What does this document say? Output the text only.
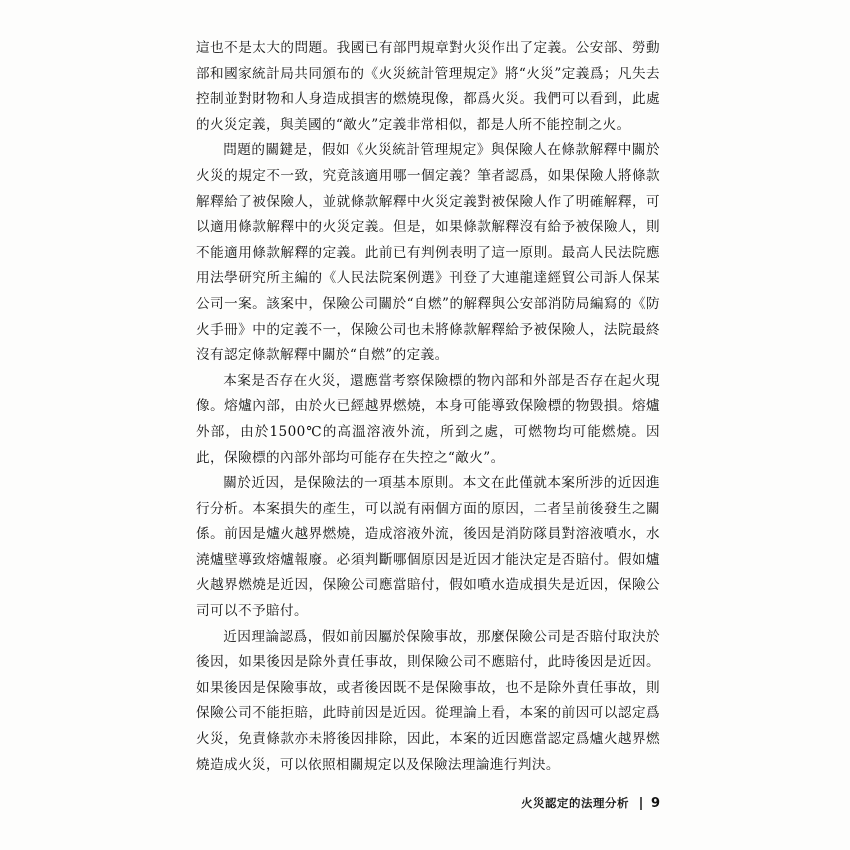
這也不是太大的問題。我國已有部門規章對火災作出了定義。公安部、勞動部和國家統計局共同頒布的《火災統計管理規定》將“火災”定義爲；凡失去控制並對財物和人身造成損害的燃燒現像，都爲火災。我們可以看到，此處的火災定義，與美國的“敵火”定義非常相似，都是人所不能控制之火。

問題的關鍵是，假如《火災統計管理規定》與保險人在條款解釋中關於火災的規定不一致，究竟該適用哪一個定義？筆者認爲，如果保險人將條款解釋給了被保險人，並就條款解釋中火災定義對被保險人作了明確解釋，可以適用條款解釋中的火災定義。但是，如果條款解釋沒有給予被保險人，則不能適用條款解釋的定義。此前已有判例表明了這一原則。最高人民法院應用法學研究所主編的《人民法院案例選》刊登了大連龍達經貿公司訴人保某公司一案。該案中，保險公司關於“自燃”的解釋與公安部消防局編寫的《防火手冊》中的定義不一，保險公司也未將條款解釋給予被保險人，法院最終沒有認定條款解釋中關於“自燃”的定義。

本案是否存在火災，還應當考察保險標的物內部和外部是否存在起火現像。熔爐內部，由於火已經越界燃燒，本身可能導致保險標的物毀損。熔爐外部，由於1500℃的高溫溶液外流，所到之處，可燃物均可能燃燒。因此，保險標的內部外部均可能存在失控之“敵火”。

關於近因，是保險法的一項基本原則。本文在此僅就本案所涉的近因進行分析。本案損失的產生，可以説有兩個方面的原因，二者呈前後發生之關係。前因是爐火越界燃燒，造成溶液外流，後因是消防隊員對溶液噴水，水澆爐壁導致熔爐報廢。必須判斷哪個原因是近因才能決定是否賠付。假如爐火越界燃燒是近因，保險公司應當賠付，假如噴水造成損失是近因，保險公司可以不予賠付。

近因理論認爲，假如前因屬於保險事故，那麼保險公司是否賠付取決於後因，如果後因是除外責任事故，則保險公司不應賠付，此時後因是近因。如果後因是保險事故，或者後因既不是保險事故，也不是除外責任事故，則保險公司不能拒賠，此時前因是近因。從理論上看，本案的前因可以認定爲火災，免責條款亦未將後因排除，因此，本案的近因應當認定爲爐火越界燃燒造成火災，可以依照相關規定以及保險法理論進行判決。

火災認定的法理分析 9
